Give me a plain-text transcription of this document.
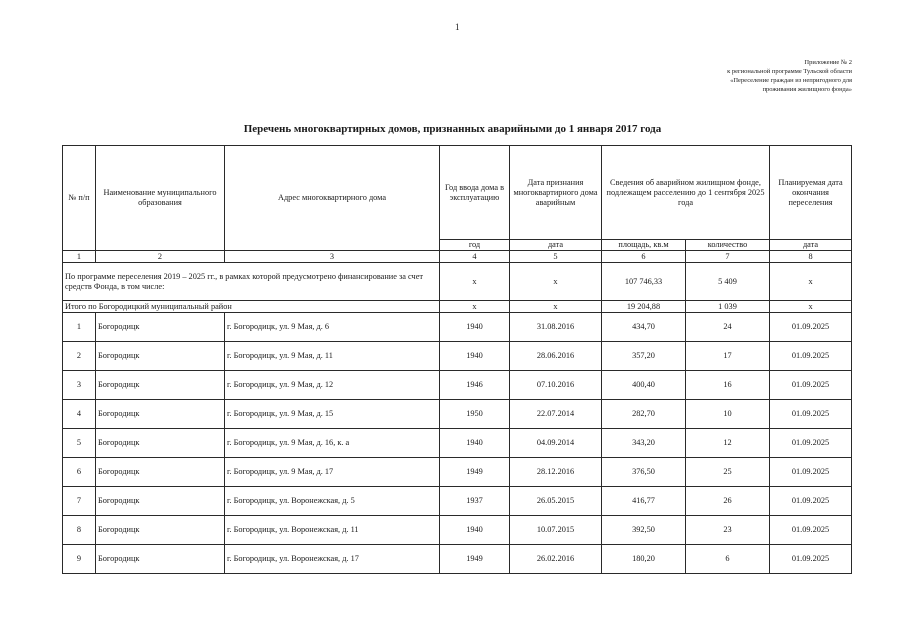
1
Приложение № 2
к региональной программе Тульской области
«Переселение граждан из непригодного для
проживания жилищного фонда»
Перечень многоквартирных домов, признанных аварийными до 1 января 2017 года
№ п/п	Наименование муниципального образования	Адрес многоквартирного дома	Год ввода дома в эксплуатацию	Дата признания многоквартирного дома аварийным	Сведения об аварийном жилищном фонде, подлежащем расселению до 1 сентября 2025 года		Планируемая дата окончания переселения
			год	дата	площадь, кв.м	количество	дата
1	2	3	4	5	6	7	8
По программе переселения 2019 – 2025 гг., в рамках которой предусмотрено финансирование за счет средств Фонда, в том числе:			х	х	107 746,33	5 409	х
Итого по Богородицкий муниципальный район			х	х	19 204,88	1 039	х
1	Богородицк	г. Богородицк, ул. 9 Мая, д. 6	1940	31.08.2016	434,70	24	01.09.2025
2	Богородицк	г. Богородицк, ул. 9 Мая, д. 11	1940	28.06.2016	357,20	17	01.09.2025
3	Богородицк	г. Богородицк, ул. 9 Мая, д. 12	1946	07.10.2016	400,40	16	01.09.2025
4	Богородицк	г. Богородицк, ул. 9 Мая, д. 15	1950	22.07.2014	282,70	10	01.09.2025
5	Богородицк	г. Богородицк, ул. 9 Мая, д. 16, к. а	1940	04.09.2014	343,20	12	01.09.2025
6	Богородицк	г. Богородицк, ул. 9 Мая, д. 17	1949	28.12.2016	376,50	25	01.09.2025
7	Богородицк	г. Богородицк, ул. Воронежская, д. 5	1937	26.05.2015	416,77	26	01.09.2025
8	Богородицк	г. Богородицк, ул. Воронежская, д. 11	1940	10.07.2015	392,50	23	01.09.2025
9	Богородицк	г. Богородицк, ул. Воронежская, д. 17	1949	26.02.2016	180,20	6	01.09.2025
